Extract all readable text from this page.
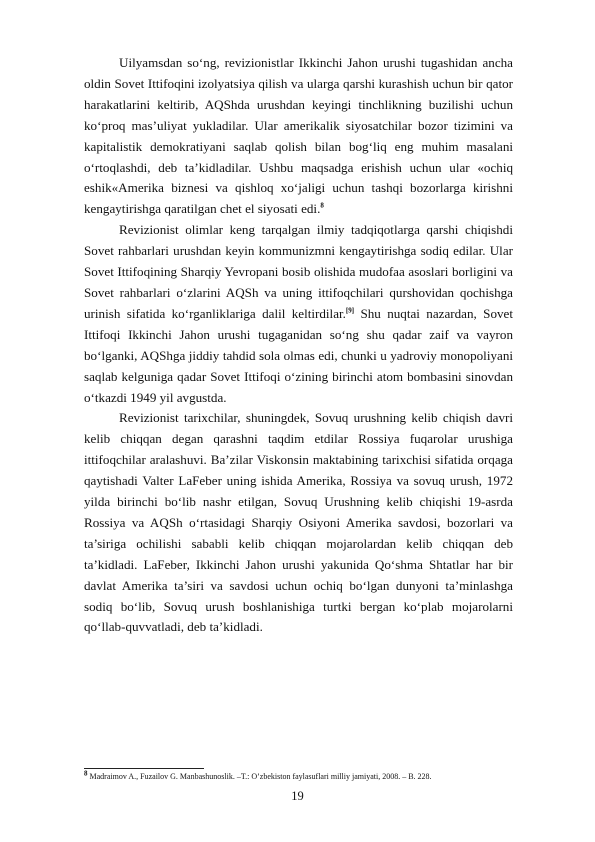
Uilyamsdan so‘ng, revizionistlar Ikkinchi Jahon urushi tugashidan ancha oldin Sovet Ittifoqini izolyatsiya qilish va ularga qarshi kurashish uchun bir qator harakatlarini keltirib, AQShda urushdan keyingi tinchlikning buzilishi uchun ko‘proq mas’uliyat yukladilar. Ular amerikalik siyosatchilar bozor tizimini va kapitalistik demokratiyani saqlab qolish bilan bog‘liq eng muhim masalani o‘rtoqlashdi, deb ta’kidladilar. Ushbu maqsadga erishish uchun ular «ochiq eshik«Amerika biznesi va qishloq xo‘jaligi uchun tashqi bozorlarga kirishni kengaytirishga qaratilgan chet el siyosati edi.$^8$

Revizionist olimlar keng tarqalgan ilmiy tadqiqotlarga qarshi chiqishdi Sovet rahbarlari urushdan keyin kommunizmni kengaytirishga sodiq edilar. Ular Sovet Ittifoqining Sharqiy Yevropani bosib olishida mudofaa asoslari borligini va Sovet rahbarlari o‘zlarini AQSh va uning ittifoqchilari qurshovidan qochishga urinish sifatida ko‘rganliklariga dalil keltirdilar.[9] Shu nuqtai nazardan, Sovet Ittifoqi Ikkinchi Jahon urushi tugaganidan so‘ng shu qadar zaif va vayron bo‘lganki, AQShga jiddiy tahdid sola olmas edi, chunki u yadroviy monopoliyani saqlab kelguniga qadar Sovet Ittifoqi o‘zining birinchi atom bombasini sinovdan o‘tkazdi 1949 yil avgustda.

Revizionist tarixchilar, shuningdek, Sovuq urushning kelib chiqish davri kelib chiqqan degan qarashni taqdim etdilar Rossiya fuqarolar urushiga ittifoqchilar aralashuvi. Ba’zilar Viskonsin maktabining tarixchisi sifatida orqaga qaytishadi Valter LaFeber uning ishida Amerika, Rossiya va sovuq urush, 1972 yilda birinchi bo‘lib nashr etilgan, Sovuq Urushning kelib chiqishi 19-asrda Rossiya va AQSh o‘rtasidagi Sharqiy Osiyoni Amerika savdosi, bozorlari va ta’siriga ochilishi sababli kelib chiqqan mojarolardan kelib chiqqan deb ta’kidladi. LaFeber, Ikkinchi Jahon urushi yakunida Qo‘shma Shtatlar har bir davlat Amerika ta’siri va savdosi uchun ochiq bo‘lgan dunyoni ta’minlashga sodiq bo‘lib, Sovuq urush boshlanishiga turtki bergan ko‘plab mojarolarni qo‘llab-quvvatladi, deb ta’kidladi.

$^8$ Madraimov A., Fuzailov G. Manbashunoslik. –T.: O’zbekiston faylasuflari milliy jamiyati, 2008. – B. 228.
19
